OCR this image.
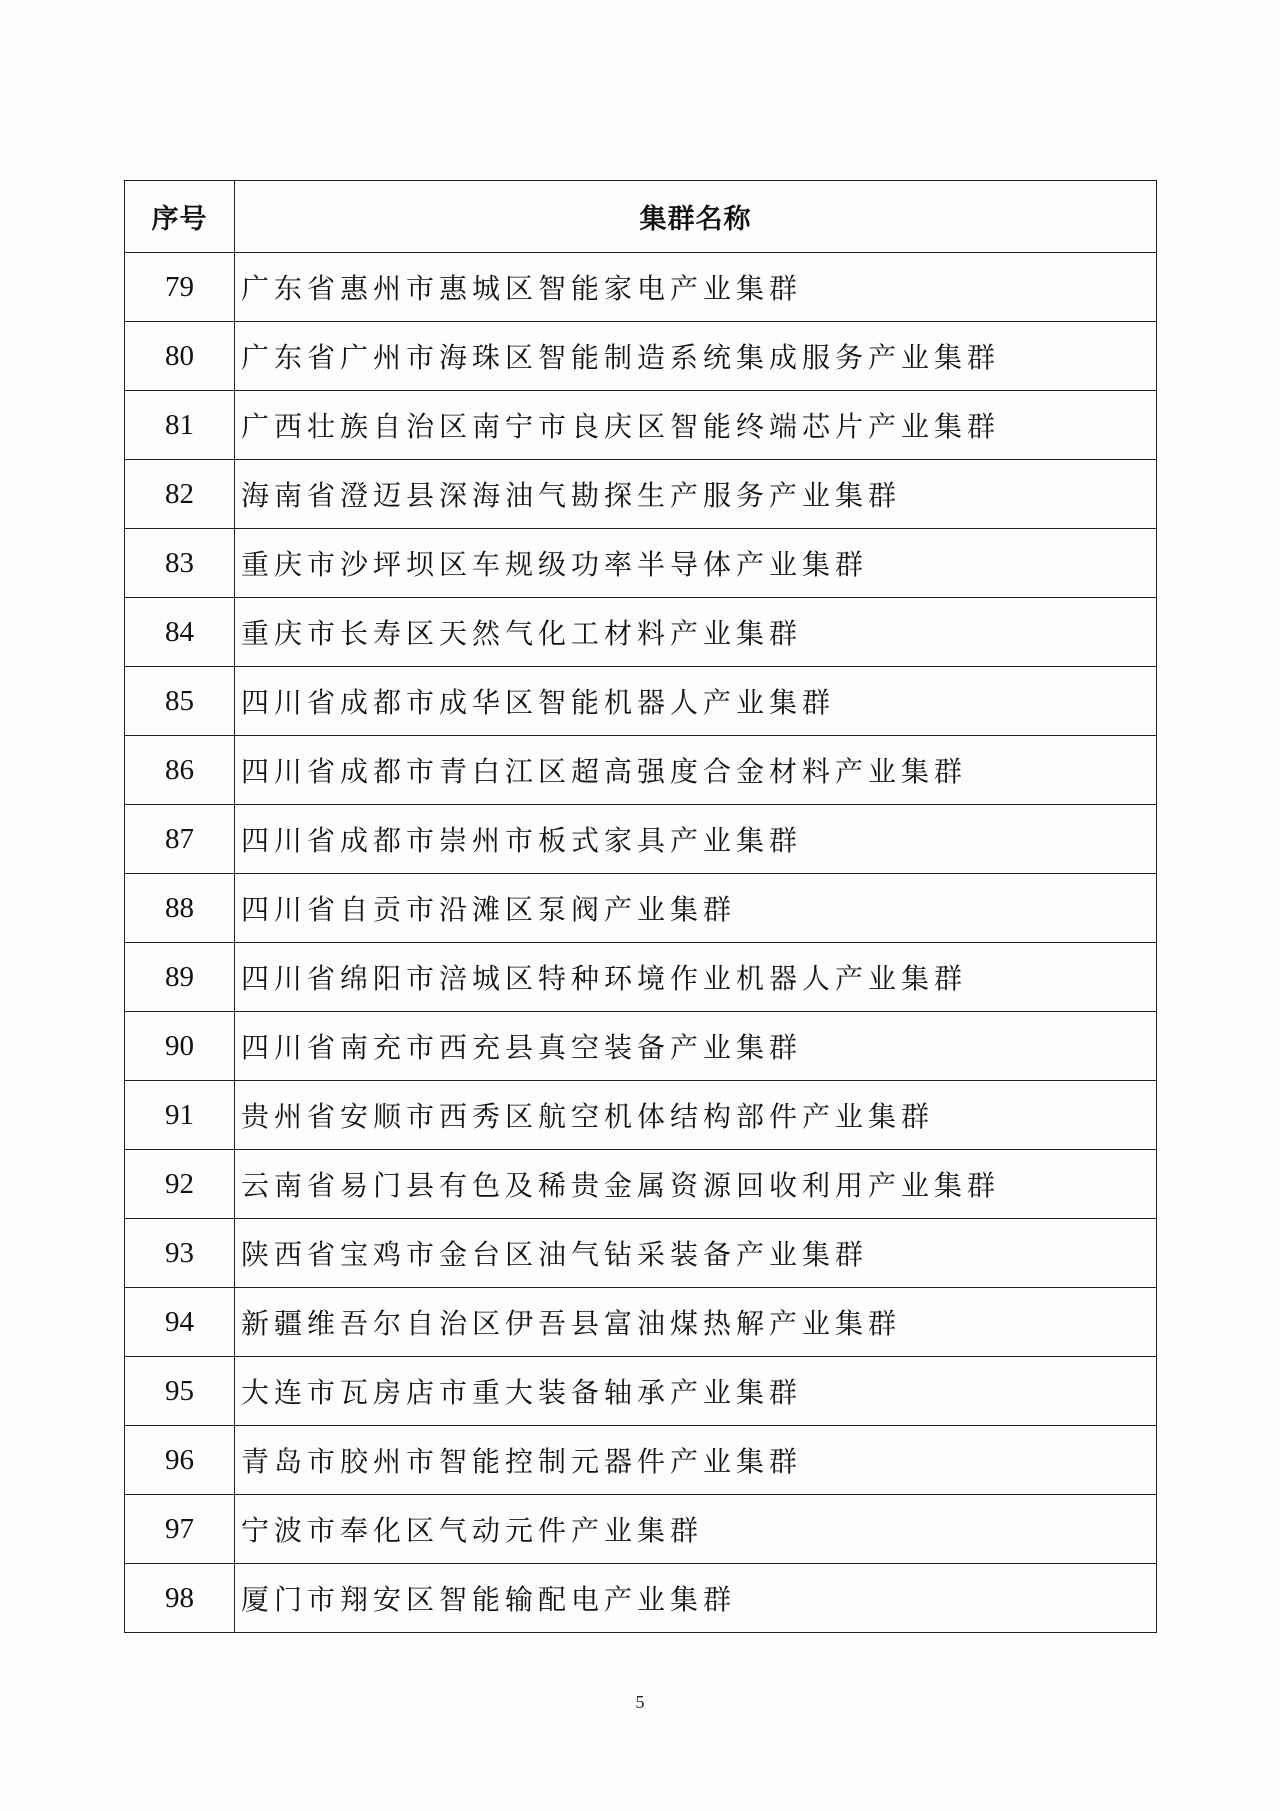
序号	集群名称
79	广东省惠州市惠城区智能家电产业集群
80	广东省广州市海珠区智能制造系统集成服务产业集群
81	广西壮族自治区南宁市良庆区智能终端芯片产业集群
82	海南省澄迈县深海油气勘探生产服务产业集群
83	重庆市沙坪坝区车规级功率半导体产业集群
84	重庆市长寿区天然气化工材料产业集群
85	四川省成都市成华区智能机器人产业集群
86	四川省成都市青白江区超高强度合金材料产业集群
87	四川省成都市崇州市板式家具产业集群
88	四川省自贡市沿滩区泵阀产业集群
89	四川省绵阳市涪城区特种环境作业机器人产业集群
90	四川省南充市西充县真空装备产业集群
91	贵州省安顺市西秀区航空机体结构部件产业集群
92	云南省易门县有色及稀贵金属资源回收利用产业集群
93	陕西省宝鸡市金台区油气钻采装备产业集群
94	新疆维吾尔自治区伊吾县富油煤热解产业集群
95	大连市瓦房店市重大装备轴承产业集群
96	青岛市胶州市智能控制元器件产业集群
97	宁波市奉化区气动元件产业集群
98	厦门市翔安区智能输配电产业集群
5
